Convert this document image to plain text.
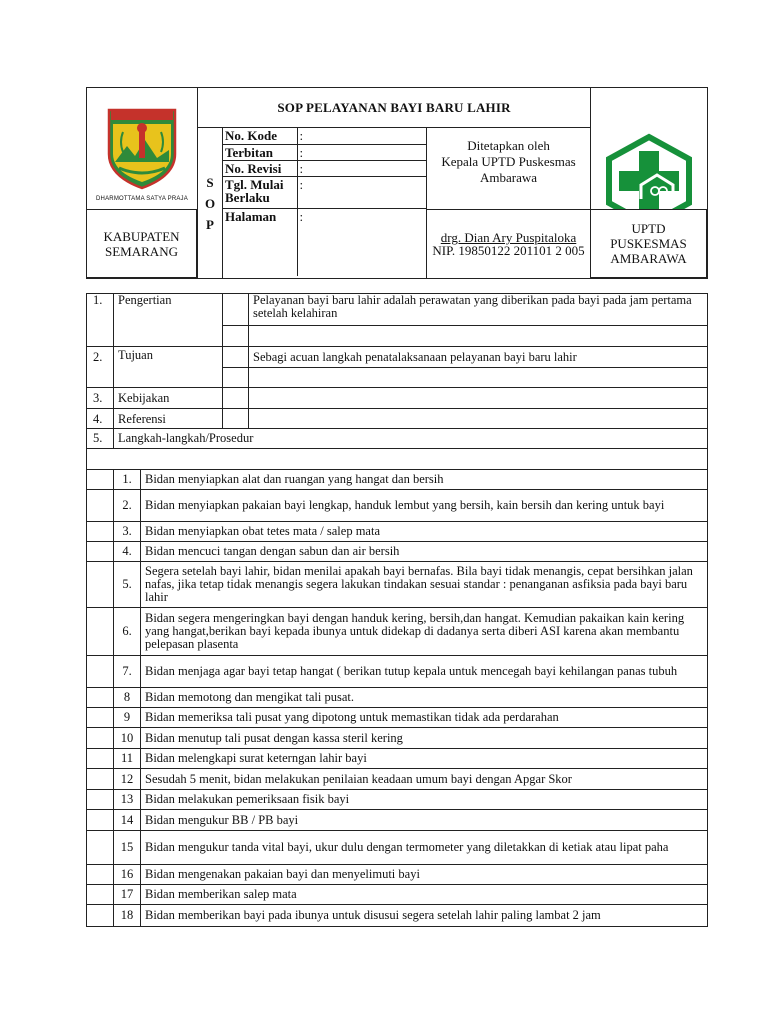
DHARMOTTAMA SATYA PRAJA
	SOP PELAYANAN BAYI BARU LAHIR	

S
O
P

No. Kode	:
Terbitan	:
No. Revisi	:
Tgl. Mulai Berlaku	:
Halaman	:

Ditetapkan oleh
Kepala UPTD Puskesmas
Ambarawa

drg. Dian Ary Puspitaloka
NIP. 19850122 201101 2 005
KABUPATEN
SEMARANG
UPTD
PUSKESMAS
AMBARAWA
1.	Pengertian			Pelayanan bayi baru lahir adalah perawatan yang diberikan pada bayi pada jam pertama setelah kelahiran

2.	Tujuan			Sebagi acuan langkah penatalaksanaan pelayanan bayi baru lahir

3.	Kebijakan			
4.	Referensi			
5.	Langkah-langkah/Prosedur			

	1.	Bidan menyiapkan alat dan ruangan yang hangat dan bersih		
	2.	Bidan menyiapkan pakaian bayi lengkap, handuk lembut yang bersih, kain bersih dan kering untuk bayi		
	3.	Bidan menyiapkan obat tetes mata / salep mata		
	4.	Bidan mencuci tangan dengan sabun dan air bersih		
	5.	Segera setelah bayi lahir, bidan menilai apakah bayi bernafas. Bila bayi tidak menangis, cepat bersihkan jalan nafas, jika tetap tidak menangis segera lakukan tindakan sesuai standar : penanganan asfiksia pada bayi baru lahir		
	6.	Bidan segera mengeringkan bayi dengan handuk kering, bersih,dan hangat. Kemudian pakaikan kain kering yang hangat,berikan bayi kepada ibunya untuk didekap di dadanya serta diberi ASI karena akan membantu pelepasan plasenta		
	7.	Bidan menjaga agar bayi tetap hangat ( berikan tutup kepala untuk mencegah bayi kehilangan panas tubuh		
	8	Bidan memotong dan mengikat tali pusat.		
	9	Bidan memeriksa tali pusat yang dipotong untuk memastikan tidak ada perdarahan		
	10	Bidan menutup tali pusat dengan kassa steril kering		
	11	Bidan melengkapi surat keterngan lahir bayi		
	12	Sesudah 5 menit, bidan melakukan penilaian keadaan umum bayi dengan Apgar Skor		
	13	Bidan melakukan pemeriksaan fisik bayi		
	14	Bidan mengukur BB / PB bayi		
	15	Bidan mengukur tanda vital bayi, ukur dulu dengan termometer yang diletakkan di ketiak atau lipat paha		
	16	Bidan mengenakan pakaian bayi dan menyelimuti bayi		
	17	Bidan memberikan salep mata		
	18	Bidan memberikan bayi pada ibunya untuk disusui segera setelah lahir paling lambat 2 jam		
